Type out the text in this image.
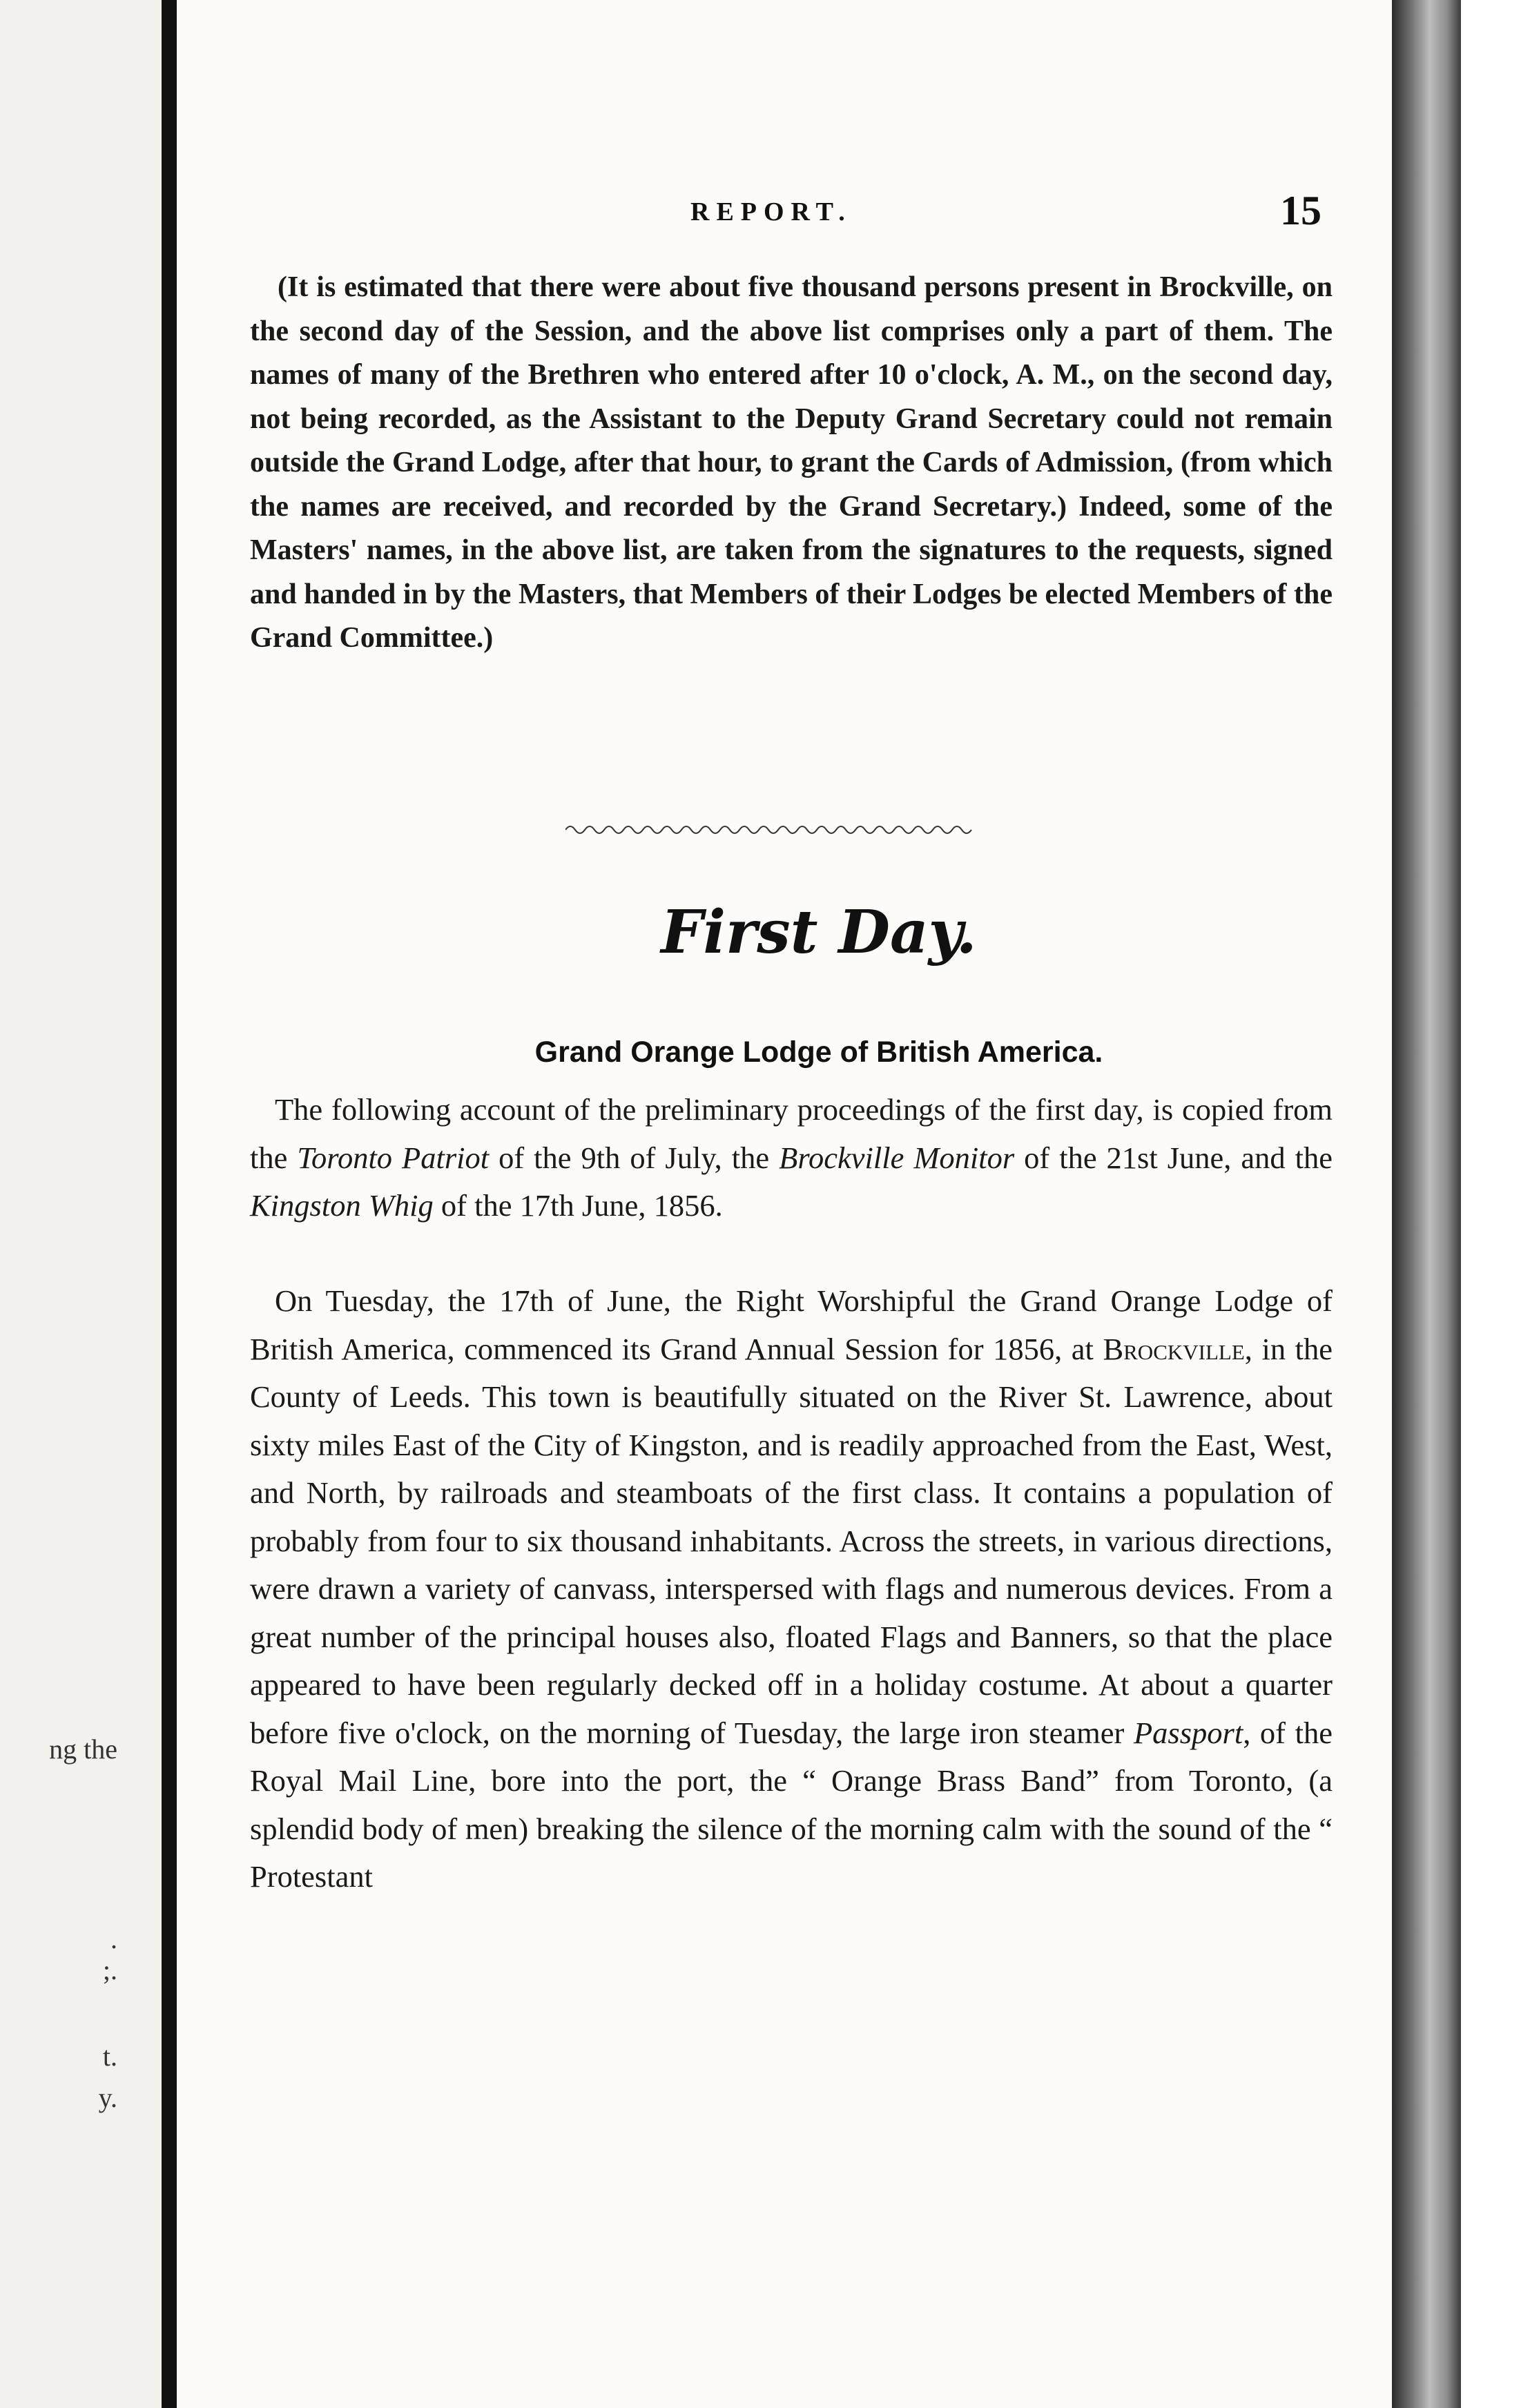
ng the
.
;.
t.
y.
REPORT.	15

(It is estimated that there were about five thousand persons present in Brockville, on the second day of the Session, and the above list comprises only a part of them. The names of many of the Brethren who entered after 10 o'clock, A. M., on the second day, not being recorded, as the Assistant to the Deputy Grand Secretary could not remain outside the Grand Lodge, after that hour, to grant the Cards of Admission, (from which the names are received, and recorded by the Grand Secretary.) Indeed, some of the Masters' names, in the above list, are taken from the signatures to the requests, signed and handed in by the Masters, that Members of their Lodges be elected Members of the Grand Committee.)

First Day.
Grand Orange Lodge of British America.

The following account of the preliminary proceedings of the first day, is copied from the Toronto Patriot of the 9th of July, the Brockville Monitor of the 21st June, and the Kingston Whig of the 17th June, 1856.

On Tuesday, the 17th of June, the Right Worshipful the Grand Orange Lodge of British America, commenced its Grand Annual Session for 1856, at Brockville, in the County of Leeds. This town is beautifully situated on the River St. Lawrence, about sixty miles East of the City of Kingston, and is readily approached from the East, West, and North, by railroads and steamboats of the first class. It contains a population of probably from four to six thousand inhabitants. Across the streets, in various directions, were drawn a variety of canvass, interspersed with flags and numerous devices. From a great number of the principal houses also, floated Flags and Banners, so that the place appeared to have been regularly decked off in a holiday costume. At about a quarter before five o'clock, on the morning of Tuesday, the large iron steamer Passport, of the Royal Mail Line, bore into the port, the “ Orange Brass Band” from Toronto, (a splendid body of men) breaking the silence of the morning calm with the sound of the “ Protestant
